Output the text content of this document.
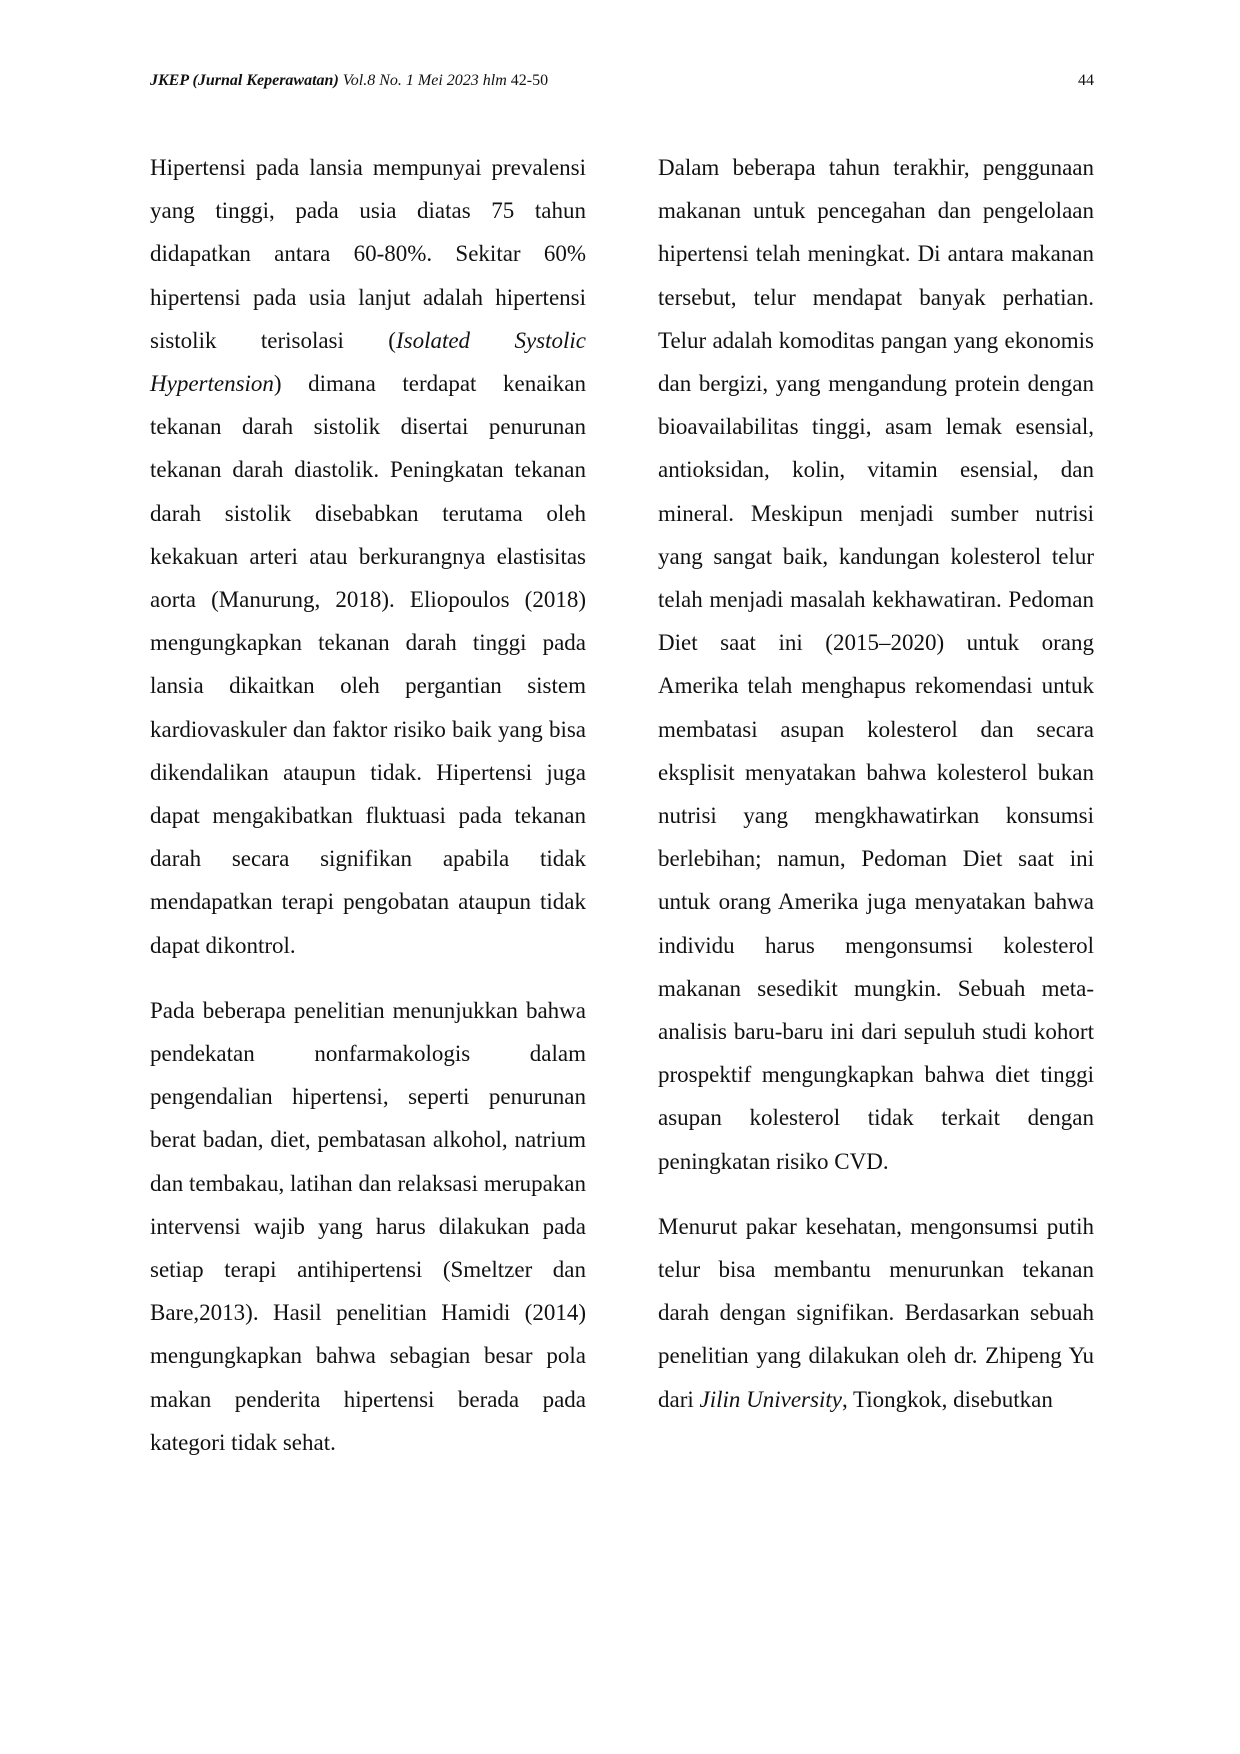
JKEP (Jurnal Keperawatan) Vol.8 No. 1 Mei 2023 hlm 42-50	44

Hipertensi pada lansia mempunyai prevalensi yang tinggi, pada usia diatas 75 tahun didapatkan antara 60-80%. Sekitar 60% hipertensi pada usia lanjut adalah hipertensi sistolik terisolasi (Isolated Systolic Hypertension) dimana terdapat kenaikan tekanan darah sistolik disertai penurunan tekanan darah diastolik. Peningkatan tekanan darah sistolik disebabkan terutama oleh kekakuan arteri atau berkurangnya elastisitas aorta (Manurung, 2018). Eliopoulos (2018) mengungkapkan tekanan darah tinggi pada lansia dikaitkan oleh pergantian sistem kardiovaskuler dan faktor risiko baik yang bisa dikendalikan ataupun tidak. Hipertensi juga dapat mengakibatkan fluktuasi pada tekanan darah secara signifikan apabila tidak mendapatkan terapi pengobatan ataupun tidak dapat dikontrol.

Pada beberapa penelitian menunjukkan bahwa pendekatan nonfarmakologis dalam pengendalian hipertensi, seperti penurunan berat badan, diet, pembatasan alkohol, natrium dan tembakau, latihan dan relaksasi merupakan intervensi wajib yang harus dilakukan pada setiap terapi antihipertensi (Smeltzer dan Bare,2013). Hasil penelitian Hamidi (2014) mengungkapkan bahwa sebagian besar pola makan penderita hipertensi berada pada kategori tidak sehat.

Dalam beberapa tahun terakhir, penggunaan makanan untuk pencegahan dan pengelolaan hipertensi telah meningkat. Di antara makanan tersebut, telur mendapat banyak perhatian. Telur adalah komoditas pangan yang ekonomis dan bergizi, yang mengandung protein dengan bioavailabilitas tinggi, asam lemak esensial, antioksidan, kolin, vitamin esensial, dan mineral. Meskipun menjadi sumber nutrisi yang sangat baik, kandungan kolesterol telur telah menjadi masalah kekhawatiran. Pedoman Diet saat ini (2015–2020) untuk orang Amerika telah menghapus rekomendasi untuk membatasi asupan kolesterol dan secara eksplisit menyatakan bahwa kolesterol bukan nutrisi yang mengkhawatirkan konsumsi berlebihan; namun, Pedoman Diet saat ini untuk orang Amerika juga menyatakan bahwa individu harus mengonsumsi kolesterol makanan sesedikit mungkin. Sebuah meta-analisis baru-baru ini dari sepuluh studi kohort prospektif mengungkapkan bahwa diet tinggi asupan kolesterol tidak terkait dengan peningkatan risiko CVD.

Menurut pakar kesehatan, mengonsumsi putih telur bisa membantu menurunkan tekanan darah dengan signifikan. Berdasarkan sebuah penelitian yang dilakukan oleh dr. Zhipeng Yu dari Jilin University, Tiongkok, disebutkan
